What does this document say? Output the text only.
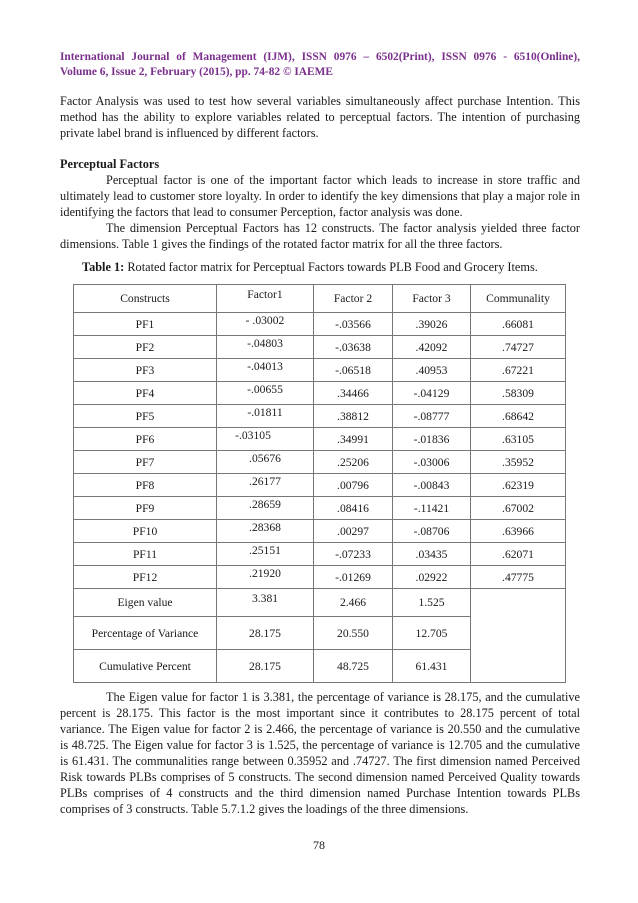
International Journal of Management (IJM), ISSN 0976 – 6502(Print), ISSN 0976 - 6510(Online),
Volume 6, Issue 2, February (2015), pp. 74-82 © IAEME
Factor Analysis was used to test how several variables simultaneously affect purchase Intention. This method has the ability to explore variables related to perceptual factors. The intention of purchasing private label brand is influenced by different factors.
Perceptual Factors
Perceptual factor is one of the important factor which leads to increase in store traffic and ultimately lead to customer store loyalty. In order to identify the key dimensions that play a major role in identifying the factors that lead to consumer Perception, factor analysis was done.
The dimension Perceptual Factors has 12 constructs. The factor analysis yielded three factor dimensions. Table 1 gives the findings of the rotated factor matrix for all the three factors.
Table 1: Rotated factor matrix for Perceptual Factors towards PLB Food and Grocery Items.
Constructs	Factor1	Factor 2	Factor 3	Communality
PF1	- .03002	-.03566	.39026	.66081
PF2	-.04803	-.03638	.42092	.74727
PF3	-.04013	-.06518	.40953	.67221
PF4	-.00655	.34466	-.04129	.58309
PF5	-.01811	.38812	-.08777	.68642
PF6	-.03105	.34991	-.01836	.63105
PF7	.05676	.25206	-.03006	.35952
PF8	.26177	.00796	-.00843	.62319
PF9	.28659	.08416	-.11421	.67002
PF10	.28368	.00297	-.08706	.63966
PF11	.25151	-.07233	.03435	.62071
PF12	.21920	-.01269	.02922	.47775
Eigen value	3.381	2.466	1.525	
Percentage of Variance	28.175	20.550	12.705	
Cumulative Percent	28.175	48.725	61.431	
The Eigen value for factor 1 is 3.381, the percentage of variance is 28.175, and the cumulative percent is 28.175. This factor is the most important since it contributes to 28.175 percent of total variance. The Eigen value for factor 2 is 2.466, the percentage of variance is 20.550 and the cumulative is 48.725. The Eigen value for factor 3 is 1.525, the percentage of variance is 12.705 and the cumulative is 61.431. The communalities range between 0.35952 and .74727. The first dimension named Perceived Risk towards PLBs comprises of 5 constructs. The second dimension named Perceived Quality towards PLBs comprises of 4 constructs and the third dimension named Purchase Intention towards PLBs comprises of 3 constructs. Table 5.7.1.2 gives the loadings of the three dimensions.
78
